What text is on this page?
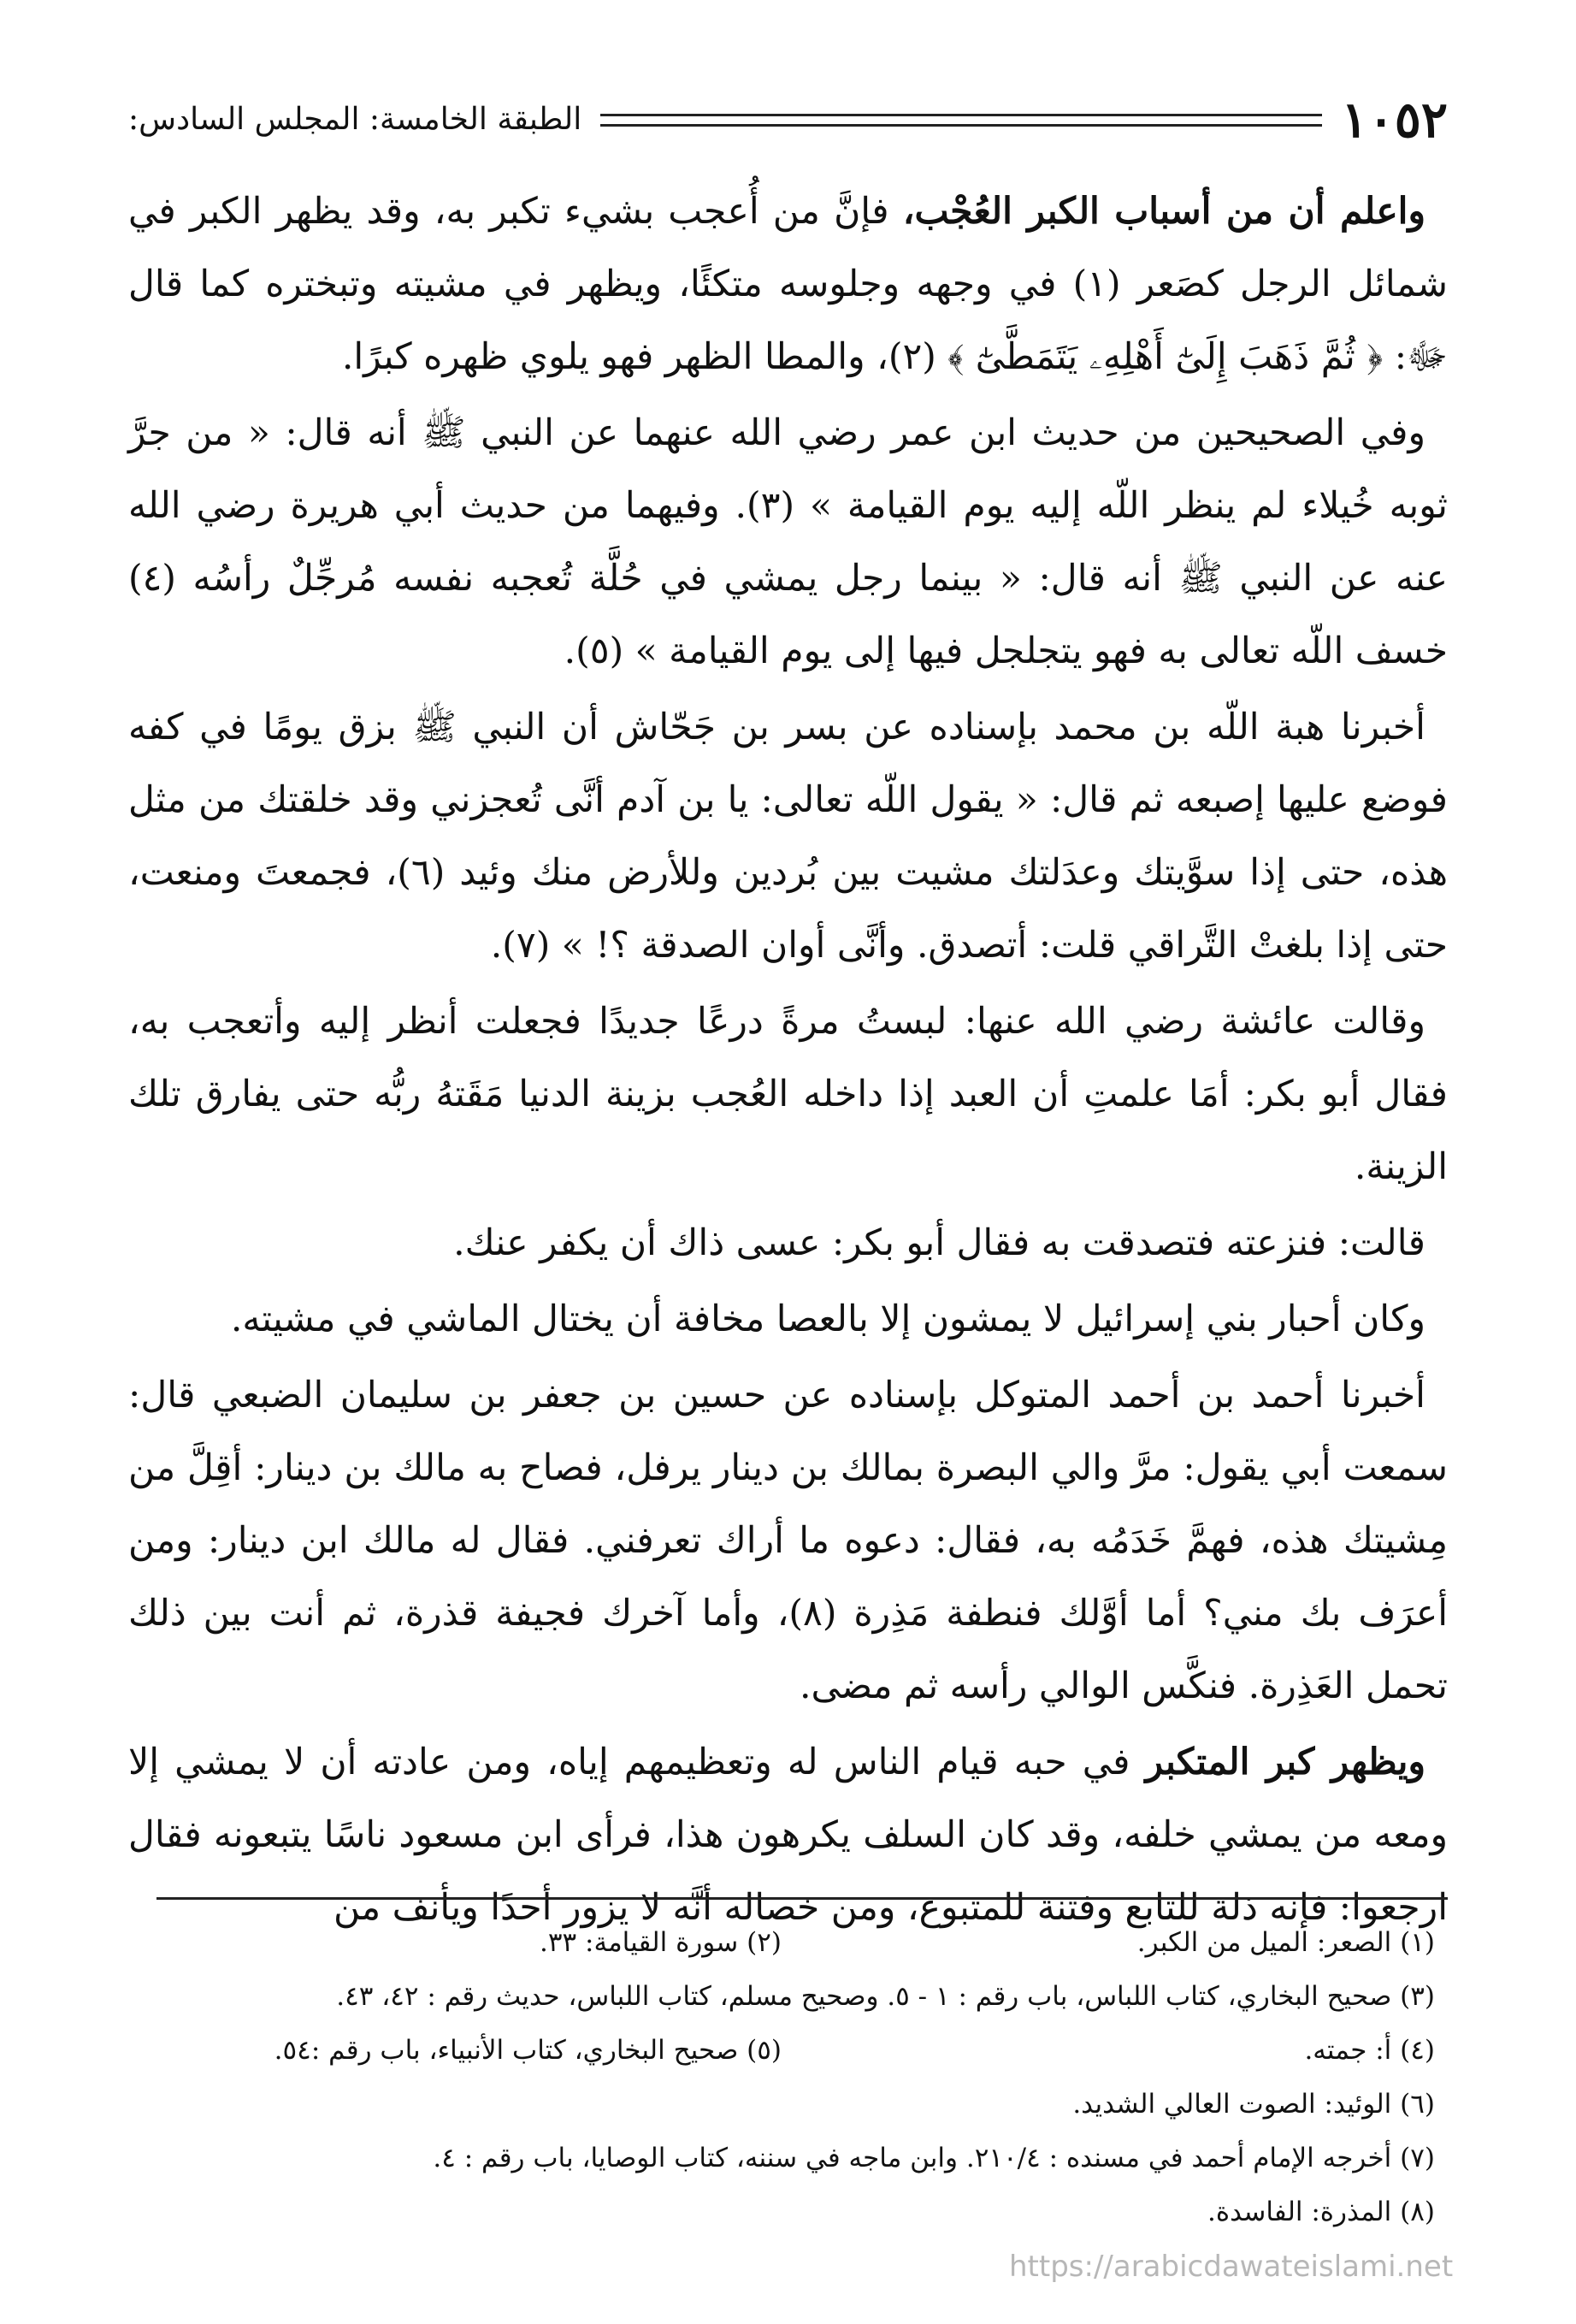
١٠٥٢
الطبقة الخامسة: المجلس السادس:

واعلم أن من أسباب الكبر العُجْب، فإنَّ من أُعجب بشيء تكبر به، وقد يظهر الكبر في شمائل الرجل كصَعر (١) في وجهه وجلوسه متكئًا، ويظهر في مشيته وتبختره كما قال ﷻ: ﴿ ثُمَّ ذَهَبَ إِلَىٰٓ أَهْلِهِۦ يَتَمَطَّىٰٓ ﴾ (٢)، والمطا الظهر فهو يلوي ظهره كبرًا.

وفي الصحيحين من حديث ابن عمر رضي الله عنهما عن النبي ﷺ أنه قال: « من جرَّ ثوبه خُيلاء لم ينظر اللّه إليه يوم القيامة » (٣). وفيهما من حديث أبي هريرة رضي الله عنه عن النبي ﷺ أنه قال: « بينما رجل يمشي في حُلَّة تُعجبه نفسه مُرجِّلٌ رأسُه (٤) خسف اللّه تعالى به فهو يتجلجل فيها إلى يوم القيامة » (٥).

أخبرنا هبة اللّه بن محمد بإسناده عن بسر بن جَحّاش أن النبي ﷺ بزق يومًا في كفه فوضع عليها إصبعه ثم قال: « يقول اللّه تعالى: يا بن آدم أنَّى تُعجزني وقد خلقتك من مثل هذه، حتى إذا سوَّيتك وعدَلتك مشيت بين بُردين وللأرض منك وئيد (٦)، فجمعتَ ومنعت، حتى إذا بلغتْ التَّراقي قلت: أتصدق. وأنَّى أوان الصدقة ؟! » (٧).

وقالت عائشة رضي الله عنها: لبستُ مرةً درعًا جديدًا فجعلت أنظر إليه وأتعجب به، فقال أبو بكر: أمَا علمتِ أن العبد إذا داخله العُجب بزينة الدنيا مَقَتهُ ربُّه حتى يفارق تلك الزينة.

قالت: فنزعته فتصدقت به فقال أبو بكر: عسى ذاك أن يكفر عنك.

وكان أحبار بني إسرائيل لا يمشون إلا بالعصا مخافة أن يختال الماشي في مشيته.

أخبرنا أحمد بن أحمد المتوكل بإسناده عن حسين بن جعفر بن سليمان الضبعي قال: سمعت أبي يقول: مرَّ والي البصرة بمالك بن دينار يرفل، فصاح به مالك بن دينار: أقِلَّ من مِشيتك هذه، فهمَّ خَدَمُه به، فقال: دعوه ما أراك تعرفني. فقال له مالك ابن دينار: ومن أعرَف بك مني؟ أما أوَّلك فنطفة مَذِرة (٨)، وأما آخرك فجيفة قذرة، ثم أنت بين ذلك تحمل العَذِرة. فنكَّس الوالي رأسه ثم مضى.

ويظهر كبر المتكبر في حبه قيام الناس له وتعظيمهم إياه، ومن عادته أن لا يمشي إلا ومعه من يمشي خلفه، وقد كان السلف يكرهون هذا، فرأى ابن مسعود ناسًا يتبعونه فقال ارجعوا: فإنه ذلة للتابع وفتنة للمتبوع، ومن خصاله أنَّه لا يزور أحدًا ويأنف من

(١) الصعر: الميل من الكبر.
(٢) سورة القيامة: ٣٣.
(٣) صحيح البخاري، كتاب اللباس، باب رقم : ١ - ٥. وصحيح مسلم، كتاب اللباس، حديث رقم : ٤٢، ٤٣.
(٤) أ: جمته.
(٥) صحيح البخاري، كتاب الأنبياء، باب رقم :٥٤.
(٦) الوئيد: الصوت العالي الشديد.
(٧) أخرجه الإمام أحمد في مسنده : ٢١٠/٤. وابن ماجه في سننه، كتاب الوصايا، باب رقم : ٤.
(٨) المذرة: الفاسدة.
https://arabicdawateislami.net
